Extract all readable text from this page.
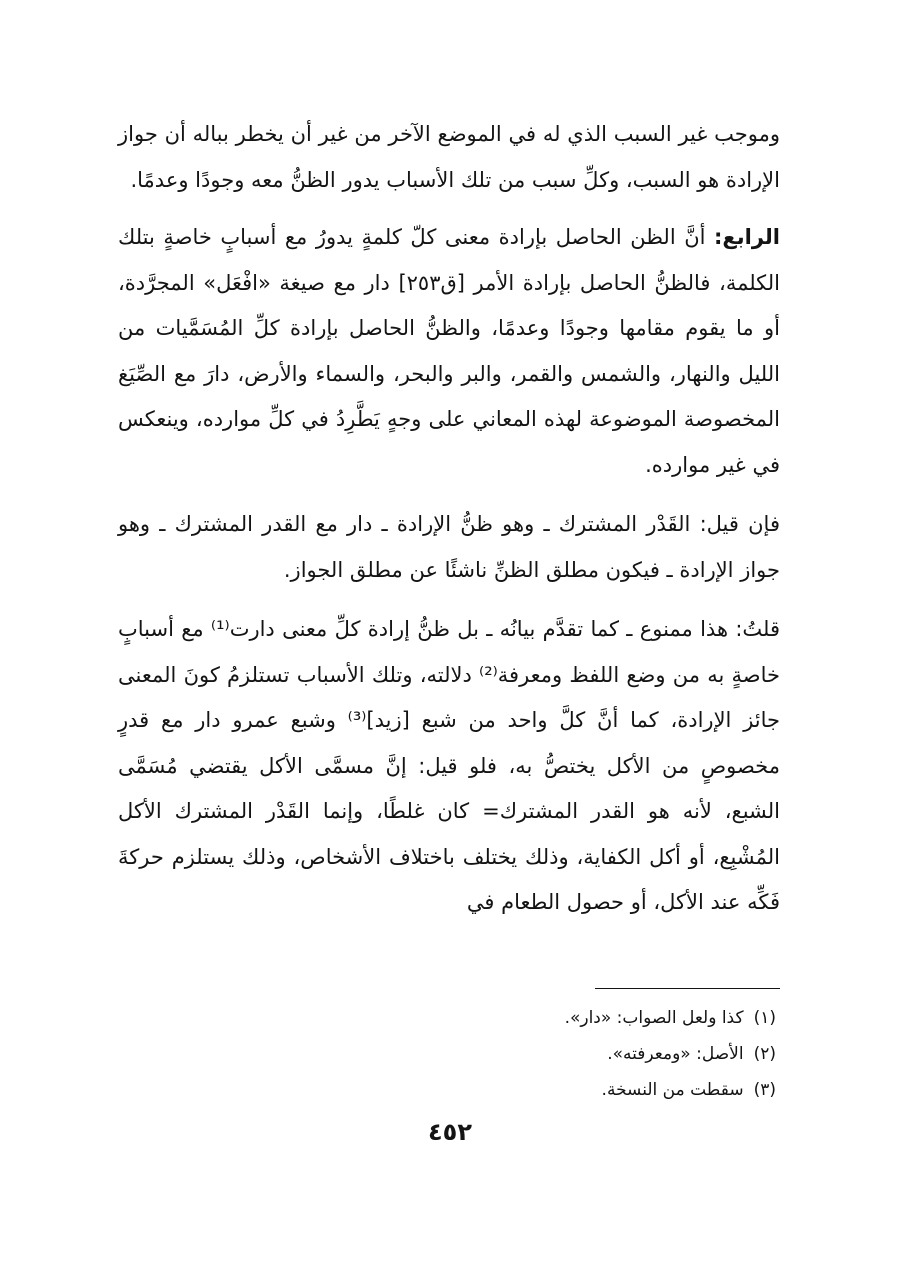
وموجب غير السبب الذي له في الموضع الآخر من غير أن يخطر بباله أن جواز الإرادة هو السبب، وكلِّ سبب من تلك الأسباب يدور الظنُّ معه وجودًا وعدمًا.

الرابع: أنَّ الظن الحاصل بإرادة معنى كلّ كلمةٍ يدورُ مع أسبابٍ خاصةٍ بتلك الكلمة، فالظنُّ الحاصل بإرادة الأمر [ق٢٥٣] دار مع صيغة «افْعَل» المجرَّدة، أو ما يقوم مقامها وجودًا وعدمًا، والظنُّ الحاصل بإرادة كلِّ المُسَمَّيات من الليل والنهار، والشمس والقمر، والبر والبحر، والسماء والأرض، دارَ مع الصِّيَغ المخصوصة الموضوعة لهذه المعاني على وجهٍ يَطَّرِدُ في كلِّ موارده، وينعكس في غير موارده.

فإن قيل: القَدْر المشترك ـ وهو ظنُّ الإرادة ـ دار مع القدر المشترك ـ وهو جواز الإرادة ـ فيكون مطلق الظنِّ ناشئًا عن مطلق الجواز.

قلتُ: هذا ممنوع ـ كما تقدَّم بيانُه ـ بل ظنُّ إرادة كلِّ معنى دارت⁽¹⁾ مع أسبابٍ خاصةٍ به من وضع اللفظ ومعرفة⁽²⁾ دلالته، وتلك الأسباب تستلزمُ كونَ المعنى جائز الإرادة، كما أنَّ كلَّ واحد من شبع [زيد]⁽³⁾ وشبع عمرو دار مع قدرٍ مخصوصٍ من الأكل يختصُّ به، فلو قيل: إنَّ مسمَّى الأكل يقتضي مُسَمَّى الشبع، لأنه هو القدر المشترك= كان غلطًا، وإنما القَدْر المشترك الأكل المُشْبِع، أو أكل الكفاية، وذلك يختلف باختلاف الأشخاص، وذلك يستلزم حركةَ فَكِّه عند الأكل، أو حصول الطعام في

(١)كذا ولعل الصواب: «دار».
(٢)الأصل: «ومعرفته».
(٣)سقطت من النسخة.
٤٥٢
